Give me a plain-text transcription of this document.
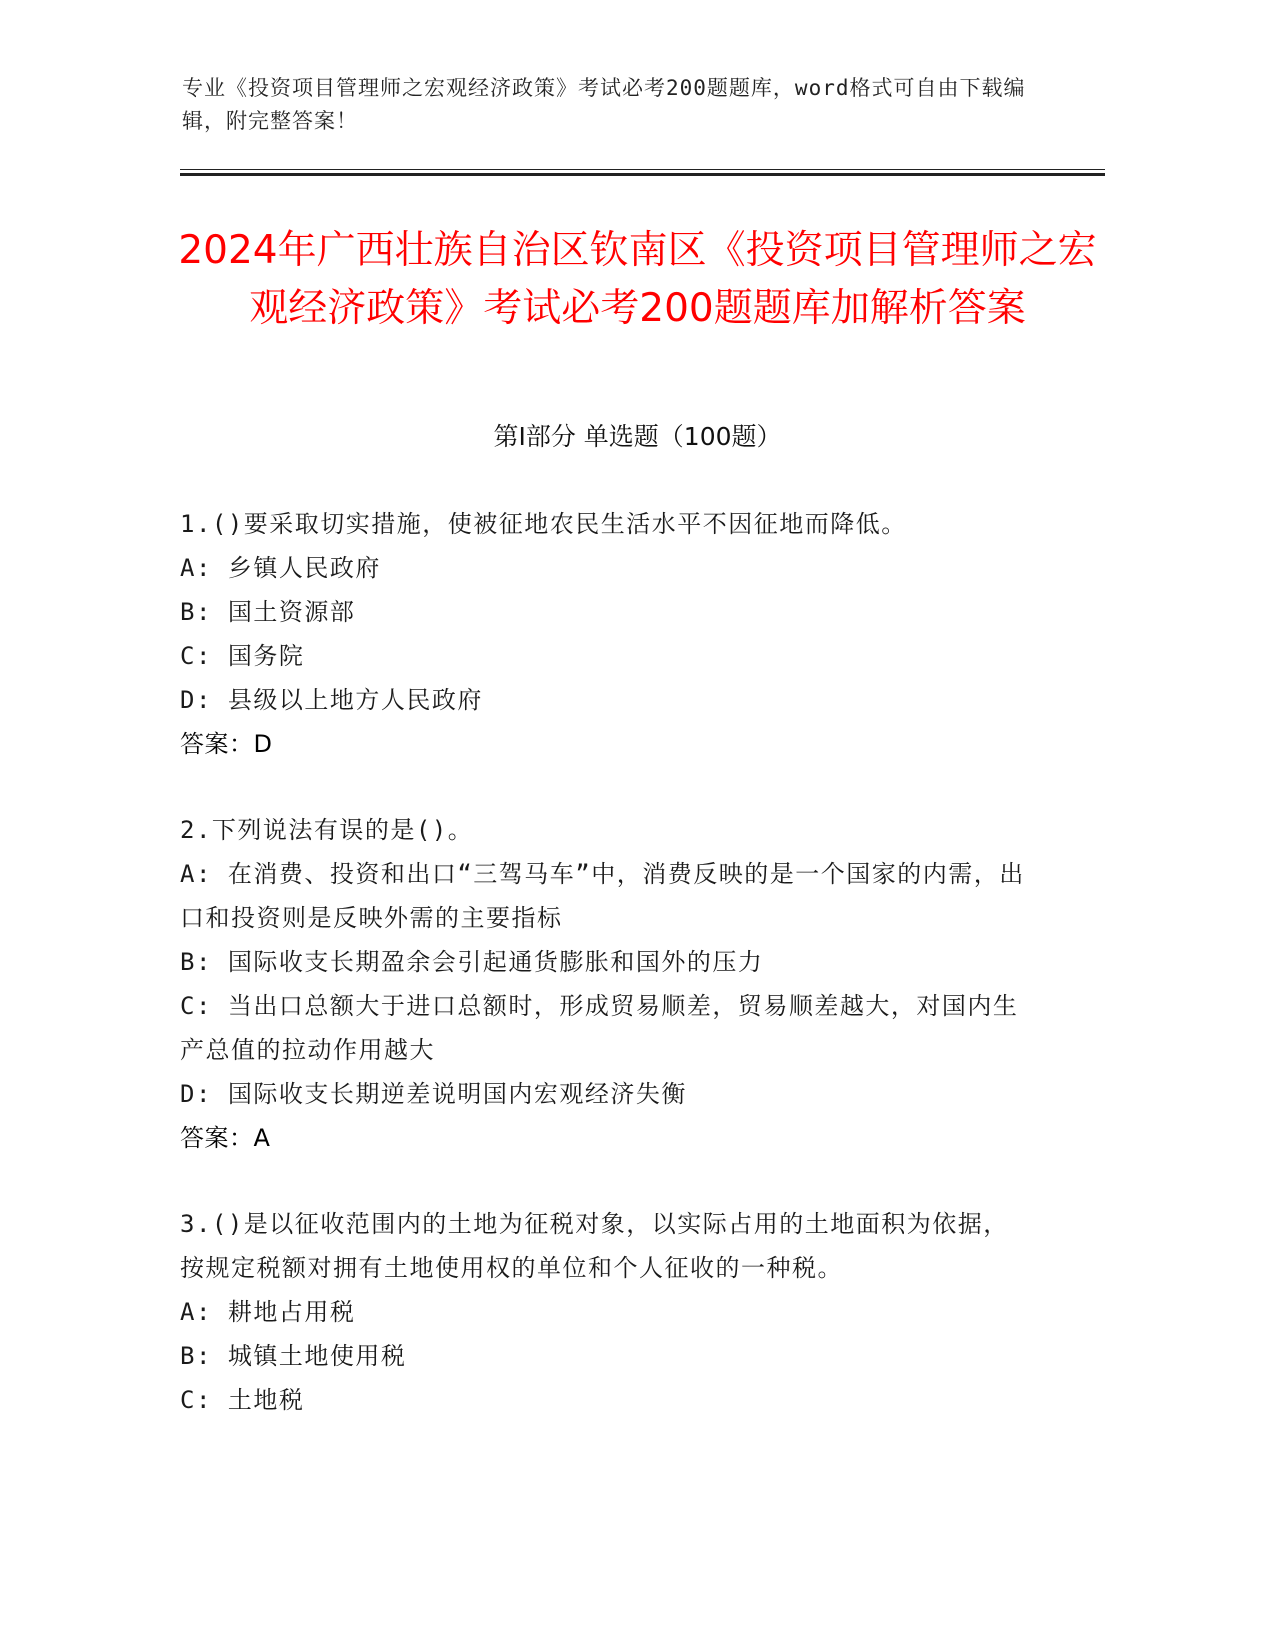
专业《投资项目管理师之宏观经济政策》考试必考200题题库，word格式可自由下载编辑，附完整答案！

2024年广西壮族自治区钦南区《投资项目管理师之宏观经济政策》考试必考200题题库加解析答案
第I部分 单选题（100题）

1.()要采取切实措施，使被征地农民生活水平不因征地而降低。

A: 乡镇人民政府

B: 国土资源部

C: 国务院

D: 县级以上地方人民政府

答案：D

2.下列说法有误的是()。

A: 在消费、投资和出口“三驾马车”中，消费反映的是一个国家的内需，出口和投资则是反映外需的主要指标

B: 国际收支长期盈余会引起通货膨胀和国外的压力

C: 当出口总额大于进口总额时，形成贸易顺差，贸易顺差越大，对国内生产总值的拉动作用越大

D: 国际收支长期逆差说明国内宏观经济失衡

答案：A

3.()是以征收范围内的土地为征税对象，以实际占用的土地面积为依据，按规定税额对拥有土地使用权的单位和个人征收的一种税。

A: 耕地占用税

B: 城镇土地使用税

C: 土地税
